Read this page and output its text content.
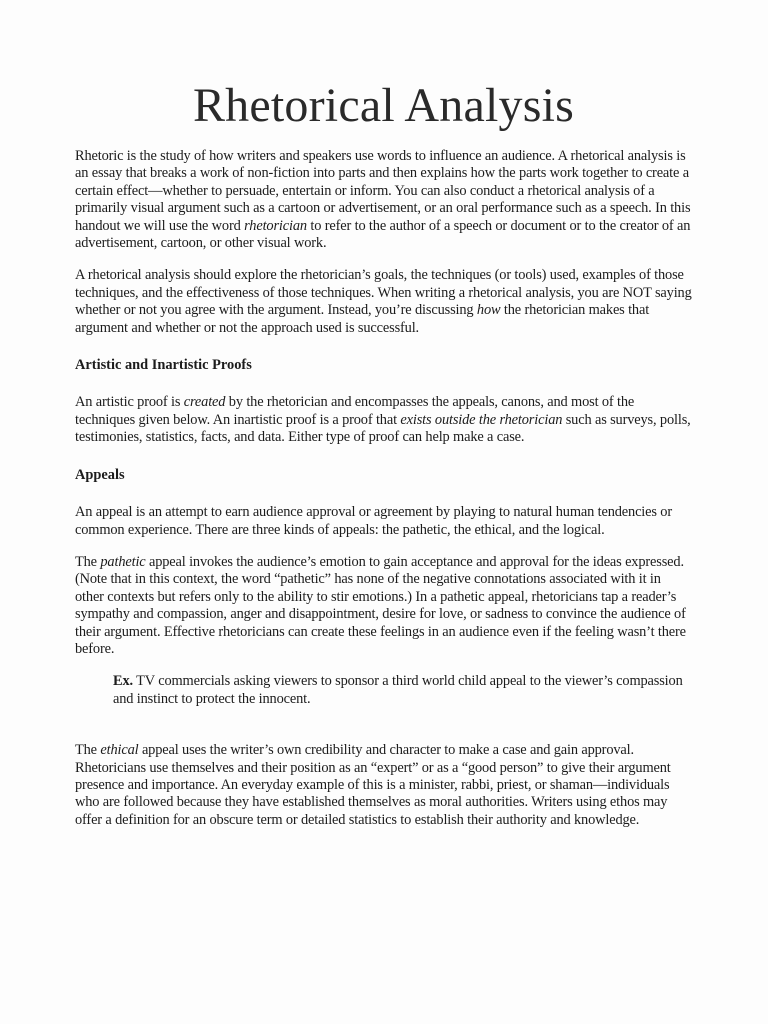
Rhetorical Analysis

Rhetoric is the study of how writers and speakers use words to influence an audience. A rhetorical analysis is an essay that breaks a work of non-fiction into parts and then explains how the parts work together to create a certain effect—whether to persuade, entertain or inform. You can also conduct a rhetorical analysis of a primarily visual argument such as a cartoon or advertisement, or an oral performance such as a speech. In this handout we will use the word rhetorician to refer to the author of a speech or document or to the creator of an advertisement, cartoon, or other visual work.

A rhetorical analysis should explore the rhetorician’s goals, the techniques (or tools) used, examples of those techniques, and the effectiveness of those techniques. When writing a rhetorical analysis, you are NOT saying whether or not you agree with the argument. Instead, you’re discussing how the rhetorician makes that argument and whether or not the approach used is successful.

Artistic and Inartistic Proofs

An artistic proof is created by the rhetorician and encompasses the appeals, canons, and most of the techniques given below. An inartistic proof is a proof that exists outside the rhetorician such as surveys, polls, testimonies, statistics, facts, and data. Either type of proof can help make a case.

Appeals

An appeal is an attempt to earn audience approval or agreement by playing to natural human tendencies or common experience. There are three kinds of appeals: the pathetic, the ethical, and the logical.

The pathetic appeal invokes the audience’s emotion to gain acceptance and approval for the ideas expressed. (Note that in this context, the word “pathetic” has none of the negative connotations associated with it in other contexts but refers only to the ability to stir emotions.) In a pathetic appeal, rhetoricians tap a reader’s sympathy and compassion, anger and disappointment, desire for love, or sadness to convince the audience of their argument. Effective rhetoricians can create these feelings in an audience even if the feeling wasn’t there before.

Ex. TV commercials asking viewers to sponsor a third world child appeal to the viewer’s compassion and instinct to protect the innocent.

The ethical appeal uses the writer’s own credibility and character to make a case and gain approval. Rhetoricians use themselves and their position as an “expert” or as a “good person” to give their argument presence and importance. An everyday example of this is a minister, rabbi, priest, or shaman—individuals who are followed because they have established themselves as moral authorities. Writers using ethos may offer a definition for an obscure term or detailed statistics to establish their authority and knowledge.
